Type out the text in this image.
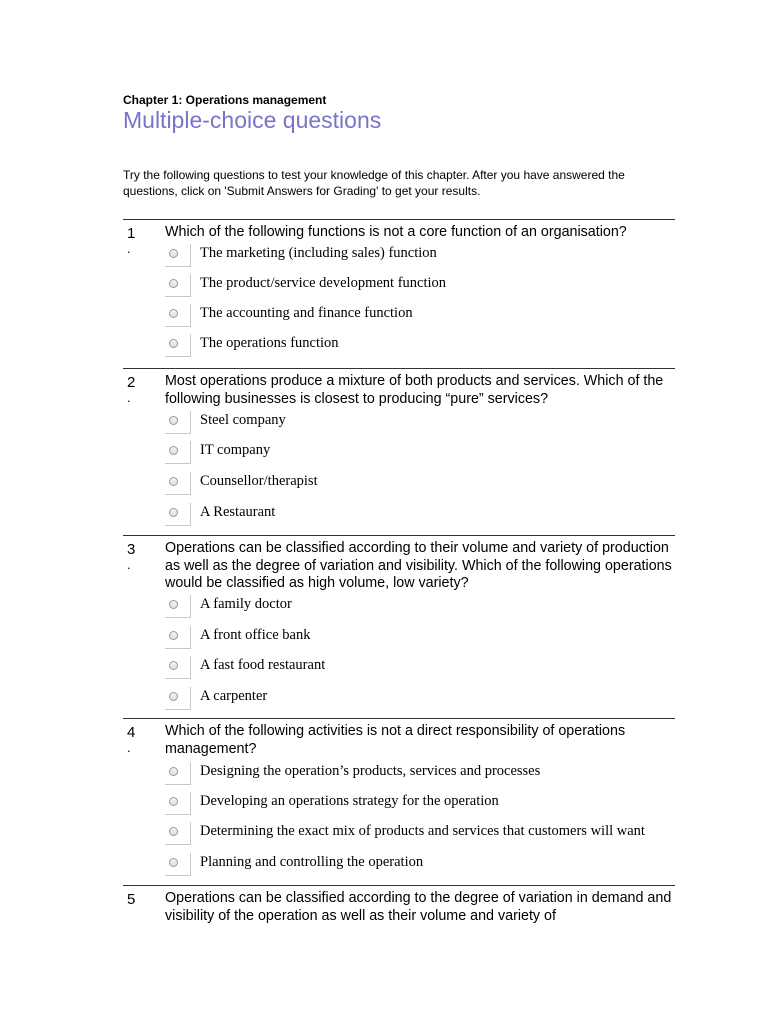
Chapter 1: Operations management
Multiple-choice questions
Try the following questions to test your knowledge of this chapter. After you have answered the questions, click on 'Submit Answers for Grading' to get your results.
1
.
Which of the following functions is not a core function of an organisation?
The marketing (including sales) function
The product/service development function
The accounting and finance function
The operations function
2
.
Most operations produce a mixture of both products and services. Which of the following businesses is closest to producing “pure” services?
Steel company
IT company
Counsellor/therapist
A Restaurant
3
.
Operations can be classified according to their volume and variety of production as well as the degree of variation and visibility. Which of the following operations would be classified as high volume, low variety?
A family doctor
A front office bank
A fast food restaurant
A carpenter
4
.
Which of the following activities is not a direct responsibility of operations management?
Designing the operation’s products, services and processes
Developing an operations strategy for the operation
Determining the exact mix of products and services that customers will want
Planning and controlling the operation
5	Operations can be classified according to the degree of variation in demand and visibility of the operation as well as their volume and variety of
